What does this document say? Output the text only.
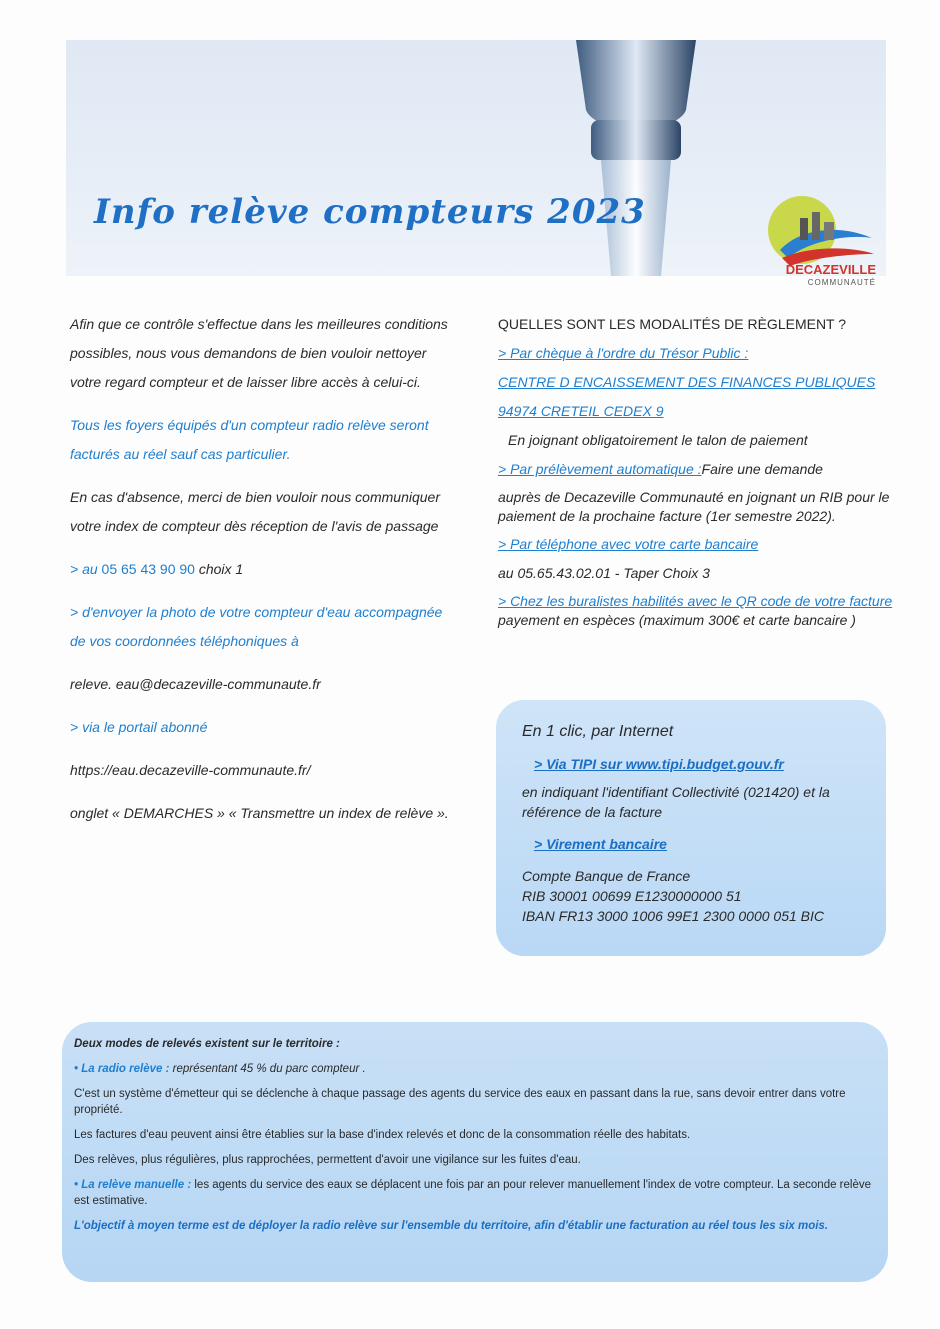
Info relève compteurs 2023
DECAZEVILLE
COMMUNAUTÉ

Afin que ce contrôle s'effectue dans les meilleures conditions possibles, nous vous demandons de bien vouloir nettoyer votre regard compteur et de laisser libre accès à celui-ci.

Tous les foyers équipés d'un compteur radio relève seront facturés au réel sauf cas particulier.

En cas d'absence, merci de bien vouloir nous communiquer votre index de compteur dès réception de l'avis de passage

> au 05 65 43 90 90 choix 1

> d'envoyer la photo de votre compteur d'eau accompagnée de vos coordonnées téléphoniques à

releve. eau@decazeville-communaute.fr

> via le portail abonné

https://eau.decazeville-communaute.fr/

onglet « DEMARCHES » « Transmettre un index de relève ».

QUELLES SONT LES MODALITÉS DE RÈGLEMENT ?

> Par chèque à l'ordre du Trésor Public :

CENTRE D ENCAISSEMENT DES FINANCES PUBLIQUES

94974 CRETEIL CEDEX 9

En joignant obligatoirement le talon de paiement

> Par prélèvement automatique :Faire une demande

auprès de Decazeville Communauté en joignant un RIB pour le paiement de la prochaine facture (1er semestre 2022).

> Par téléphone avec votre carte bancaire

au 05.65.43.02.01 - Taper Choix 3

> Chez les buralistes habilités avec le QR code de votre facture payement en espèces (maximum 300€ et carte bancaire )

En 1 clic, par Internet

> Via TIPI sur www.tipi.budget.gouv.fr

en indiquant l'identifiant Collectivité (021420) et la référence de la facture

> Virement bancaire

Compte Banque de France

RIB 30001 00699 E1230000000 51

IBAN FR13 3000 1006 99E1 2300 0000 051 BIC

Deux modes de relevés existent sur le territoire :

• La radio relève : représentant 45 % du parc compteur .

C'est un système d'émetteur qui se déclenche à chaque passage des agents du service des eaux en passant dans la rue, sans devoir entrer dans votre propriété.

Les factures d'eau peuvent ainsi être établies sur la base d'index relevés et donc de la consommation réelle des habitats.

Des relèves, plus régulières, plus rapprochées, permettent d'avoir une vigilance sur les fuites d'eau.

• La relève manuelle : les agents du service des eaux se déplacent une fois par an pour relever manuellement l'index de votre compteur. La seconde relève est estimative.

L'objectif à moyen terme est de déployer la radio relève sur l'ensemble du territoire, afin d'établir une facturation au réel tous les six mois.
